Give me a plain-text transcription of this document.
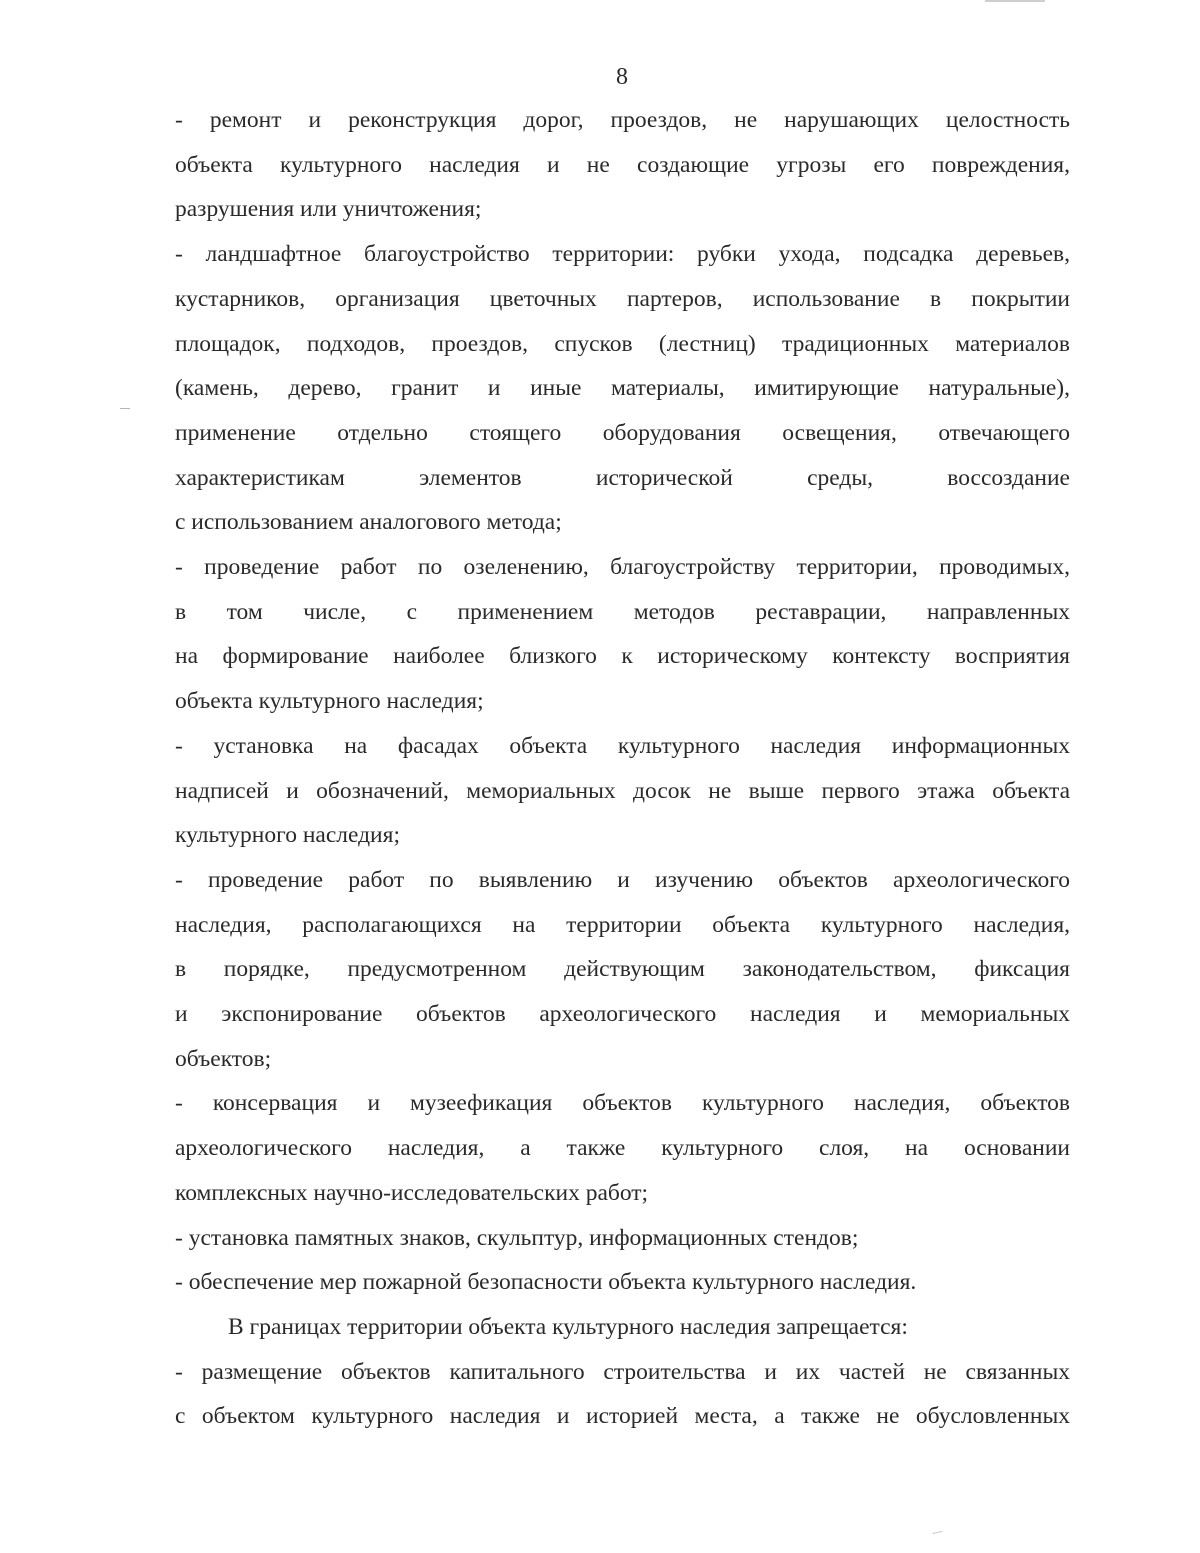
8

- ремонт и реконструкция дорог, проездов, не нарушающих целостность
объекта культурного наследия и не создающие угрозы его повреждения,
разрушения или уничтожения;

- ландшафтное благоустройство территории: рубки ухода, подсадка деревьев,
кустарников, организация цветочных партеров, использование в покрытии
площадок, подходов, проездов, спусков (лестниц) традиционных материалов
(камень, дерево, гранит и иные материалы, имитирующие натуральные),
применение отдельно стоящего оборудования освещения, отвечающего
характеристикам элементов исторической среды, воссоздание
с использованием аналогового метода;

- проведение работ по озеленению, благоустройству территории, проводимых,
в том числе, с применением методов реставрации, направленных
на формирование наиболее близкого к историческому контексту восприятия
объекта культурного наследия;

- установка на фасадах объекта культурного наследия информационных
надписей и обозначений, мемориальных досок не выше первого этажа объекта
культурного наследия;

- проведение работ по выявлению и изучению объектов археологического
наследия, располагающихся на территории объекта культурного наследия,
в порядке, предусмотренном действующим законодательством, фиксация
и экспонирование объектов археологического наследия и мемориальных
объектов;

- консервация и музеефикация объектов культурного наследия, объектов
археологического наследия, а также культурного слоя, на основании
комплексных научно-исследовательских работ;

- установка памятных знаков, скульптур, информационных стендов;

- обеспечение мер пожарной безопасности объекта культурного наследия.

В границах территории объекта культурного наследия запрещается:

- размещение объектов капитального строительства и их частей не связанных
с объектом культурного наследия и историей места, а также не обусловленных
